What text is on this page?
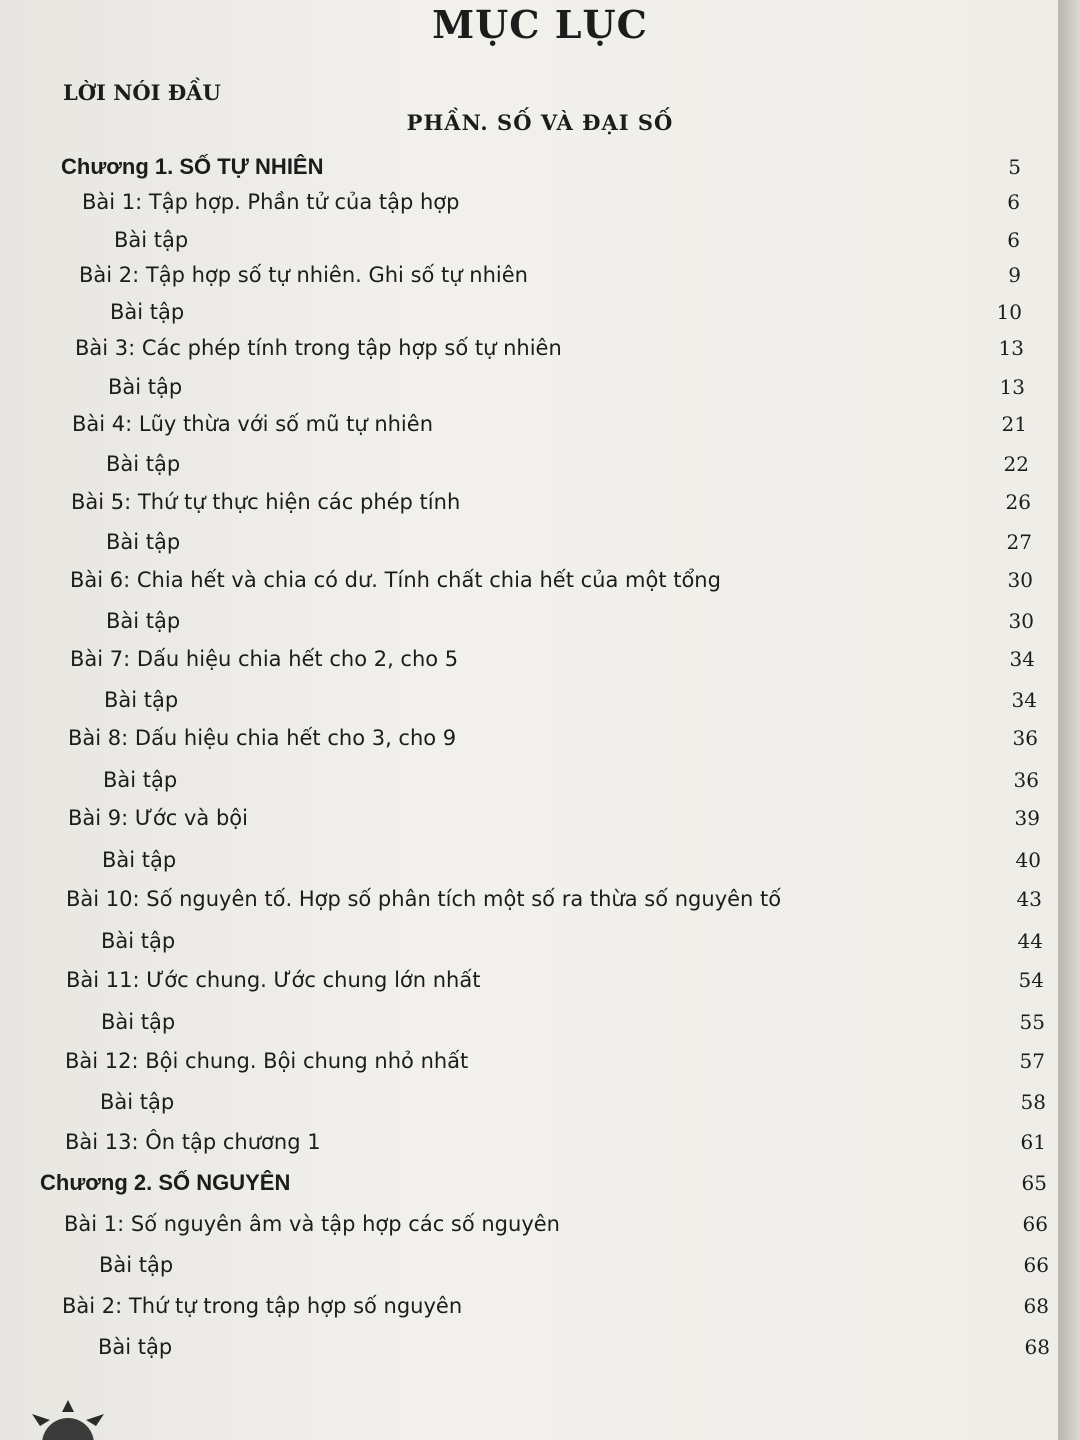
MỤC LỤC
LỜI NÓI ĐẦU
PHẦN. SỐ VÀ ĐẠI SỐ
Chương 1. SỐ TỰ NHIÊN	5
Bài 1: Tập hợp. Phần tử của tập hợp	6
Bài tập	6
Bài 2: Tập hợp số tự nhiên. Ghi số tự nhiên	9
Bài tập	10
Bài 3: Các phép tính trong tập hợp số tự nhiên	13
Bài tập	13
Bài 4: Lũy thừa với số mũ tự nhiên	21
Bài tập	22
Bài 5: Thứ tự thực hiện các phép tính	26
Bài tập	27
Bài 6: Chia hết và chia có dư. Tính chất chia hết của một tổng	30
Bài tập	30
Bài 7: Dấu hiệu chia hết cho 2, cho 5	34
Bài tập	34
Bài 8: Dấu hiệu chia hết cho 3, cho 9	36
Bài tập	36
Bài 9: Ước và bội	39
Bài tập	40
Bài 10: Số nguyên tố. Hợp số phân tích một số ra thừa số nguyên tố	43
Bài tập	44
Bài 11: Ước chung. Ước chung lớn nhất	54
Bài tập	55
Bài 12: Bội chung. Bội chung nhỏ nhất	57
Bài tập	58
Bài 13: Ôn tập chương 1	61
Chương 2. SỐ NGUYÊN	65
Bài 1: Số nguyên âm và tập hợp các số nguyên	66
Bài tập	66
Bài 2: Thứ tự trong tập hợp số nguyên	68
Bài tập	68
